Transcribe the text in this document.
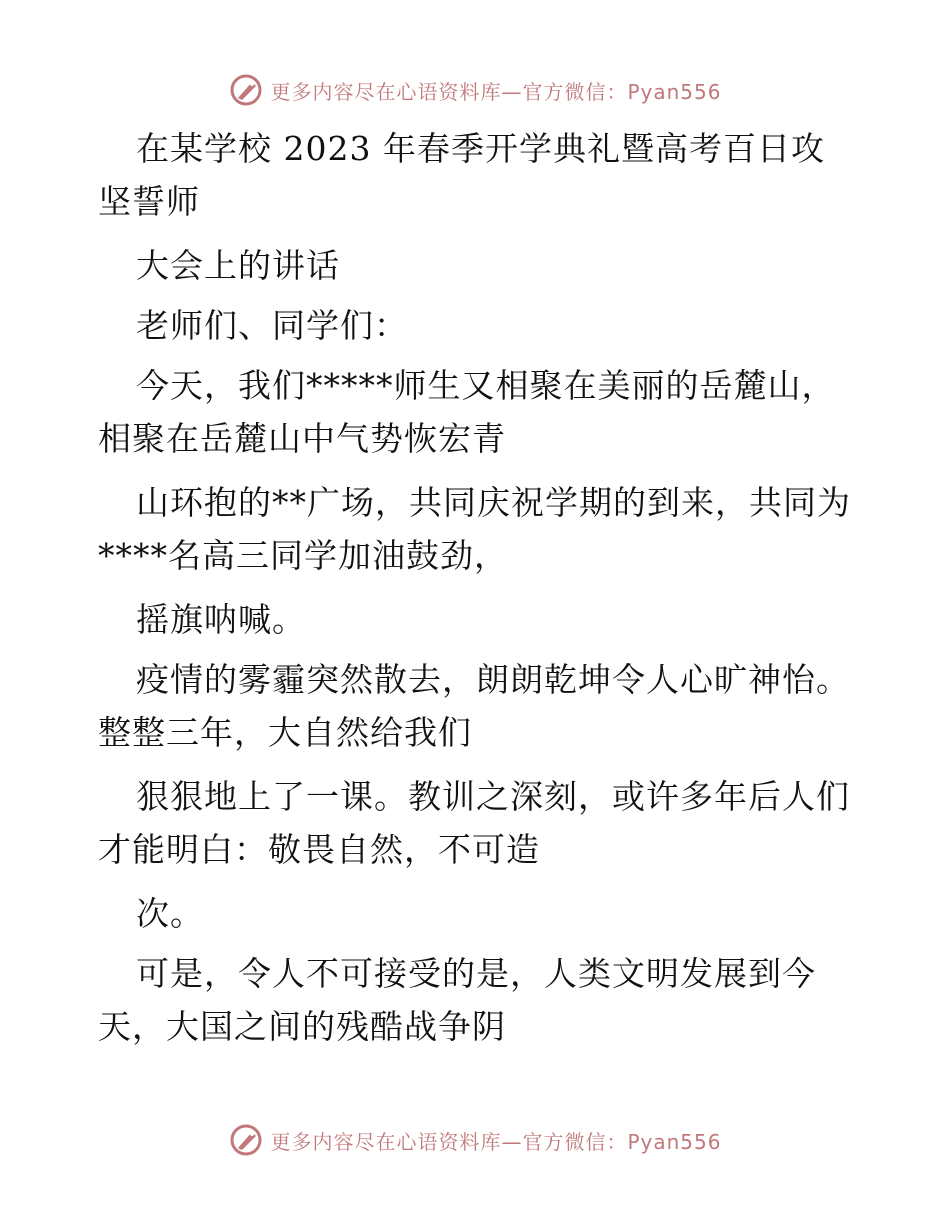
更多内容尽在心语资料库—官方微信：Pyan556

在某学校 2023 年春季开学典礼暨高考百日攻坚誓师

大会上的讲话

老师们、同学们：

今天，我们*****师生又相聚在美丽的岳麓山，相聚在岳麓山中气势恢宏青

山环抱的**广场，共同庆祝学期的到来，共同为****名高三同学加油鼓劲，

摇旗呐喊。

疫情的雾霾突然散去，朗朗乾坤令人心旷神怡。整整三年，大自然给我们

狠狠地上了一课。教训之深刻，或许多年后人们才能明白：敬畏自然，不可造

次。

可是，令人不可接受的是，人类文明发展到今天，大国之间的残酷战争阴

更多内容尽在心语资料库—官方微信：Pyan556
